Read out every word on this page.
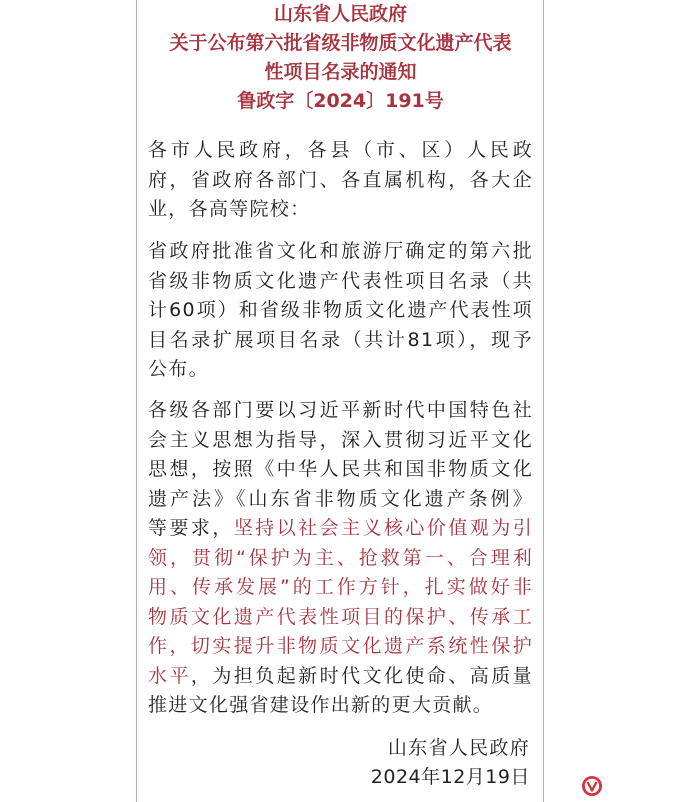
山东省人民政府
关于公布第六批省级非物质文化遗产代表
性项目名录的通知
鲁政字〔2024〕191号
各市人民政府，各县（市、区）人民政
府，省政府各部门、各直属机构，各大企
业，各高等院校：
省政府批准省文化和旅游厅确定的第六批
省级非物质文化遗产代表性项目名录（共
计60项）和省级非物质文化遗产代表性项
目名录扩展项目名录（共计81项），现予
公布。
各级各部门要以习近平新时代中国特色社
会主义思想为指导，深入贯彻习近平文化
思想，按照《中华人民共和国非物质文化
遗产法》《山东省非物质文化遗产条例》
等要求，坚持以社会主义核心价值观为引
领，贯彻“保护为主、抢救第一、合理利
用、传承发展”的工作方针，扎实做好非
物质文化遗产代表性项目的保护、传承工
作，切实提升非物质文化遗产系统性保护
水平，为担负起新时代文化使命、高质量
推进文化强省建设作出新的更大贡献。
山东省人民政府
2024年12月19日
